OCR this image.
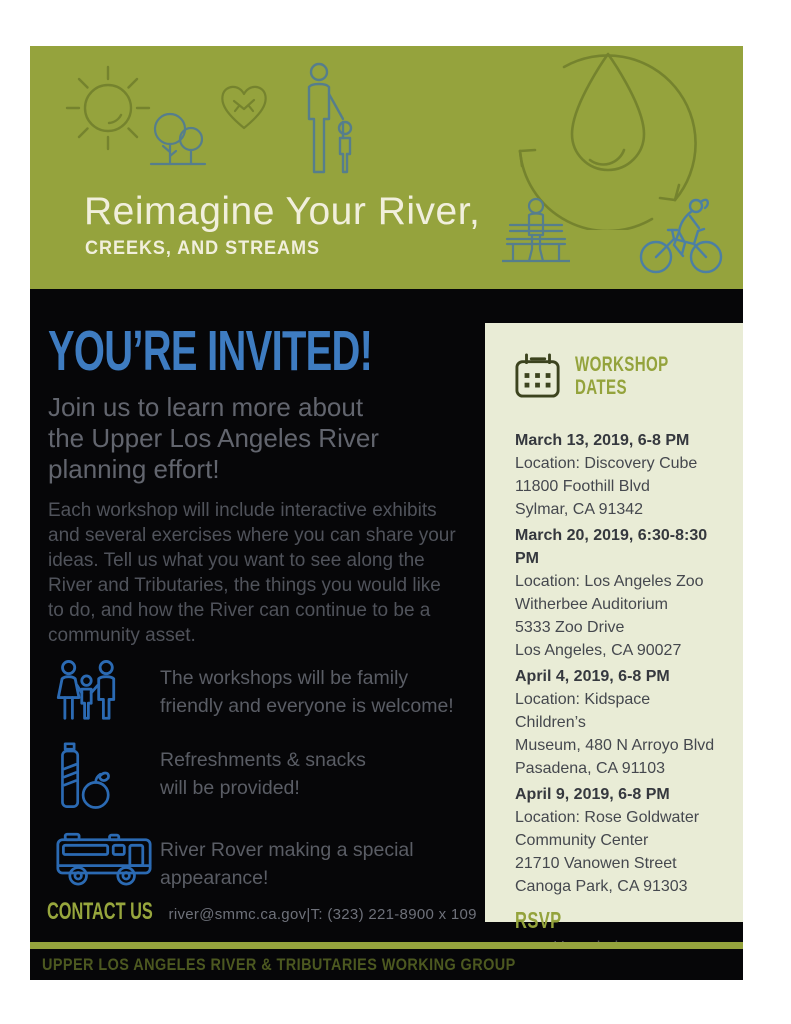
Reimagine Your River,
CREEKS, AND STREAMS
YOU’RE INVITED!
Join us to learn more about
the Upper Los Angeles River
planning effort!
Each workshop will include interactive exhibits
and several exercises where you can share your
ideas. Tell us what you want to see along the
River and Tributaries, the things you would like
to do, and how the River can continue to be a
community asset.

The workshops will be family
friendly and everyone is welcome!

Refreshments & snacks
will be provided!

River Rover making a special
appearance!

WORKSHOP
DATES
March 13, 2019, 6-8 PM
Location: Discovery Cube
11800 Foothill Blvd
Sylmar, CA 91342
March 20, 2019, 6:30-8:30 PM
Location: Los Angeles Zoo
Witherbee Auditorium
5333 Zoo Drive
Los Angeles, CA 90027
April 4, 2019, 6-8 PM
Location: Kidspace Children’s
Museum, 480 N Arroyo Blvd
Pasadena, CA 91103
April 9, 2019, 6-8 PM
Location: Rose Goldwater
Community Center
21710 Vanowen Street
Canoga Park, CA 91303
RSVP
CONTACT US river@smmc.ca.gov | T: (323) 221-8900 x 109
UPPER LOS ANGELES RIVER & TRIBUTARIES WORKING GROUP
